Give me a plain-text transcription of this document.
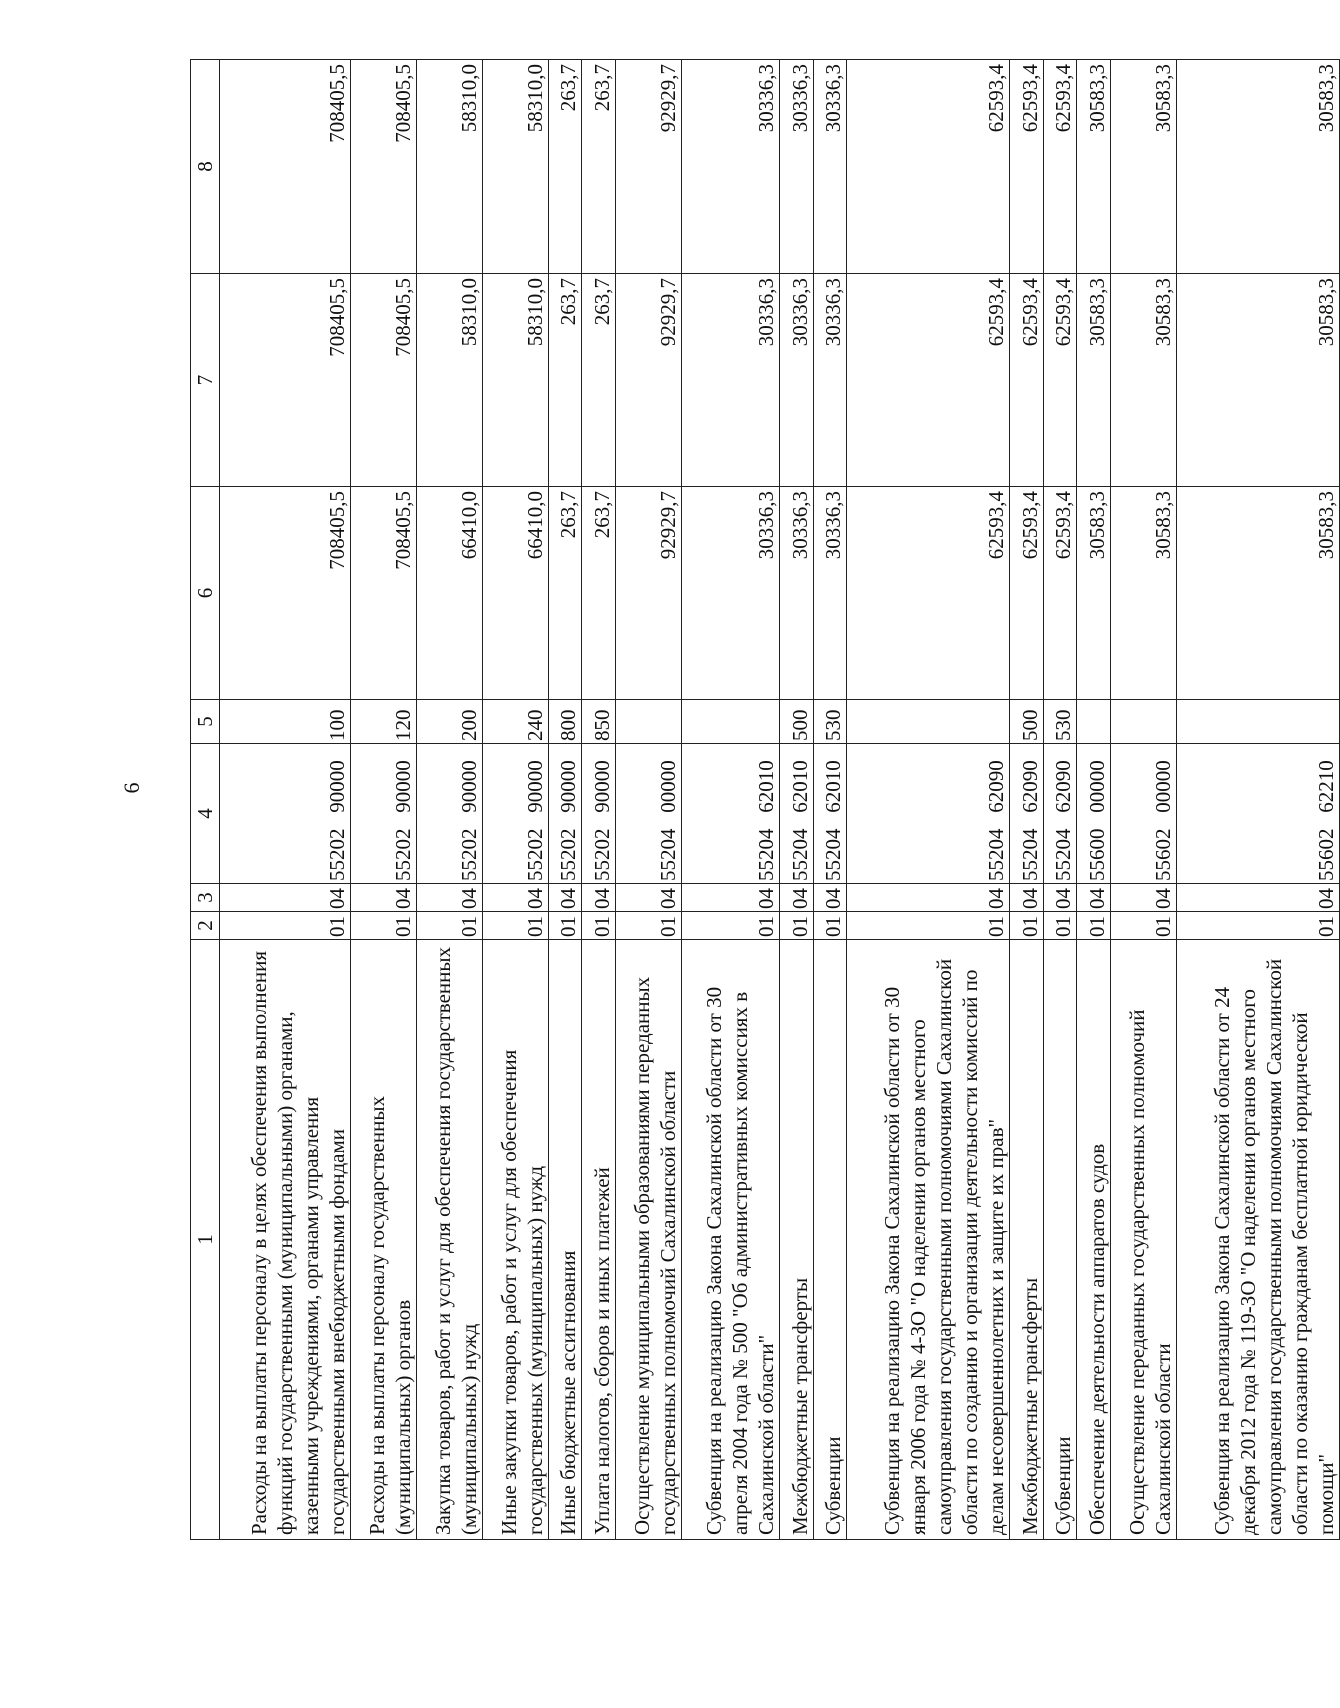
6
1	2	3	4	5	6	7	8
Расходы на выплаты персоналу в целях обеспечения выполнения функций государственными (муниципальными) органами, казенными учреждениями, органами управления государственными внебюджетными фондами	01	04	55202   90000	100	708405,5	708405,5	708405,5
Расходы на выплаты персоналу государственных (муниципальных) органов	01	04	55202   90000	120	708405,5	708405,5	708405,5
Закупка товаров, работ и услуг для обеспечения государственных (муниципальных) нужд	01	04	55202   90000	200	66410,0	58310,0	58310,0
Иные закупки товаров, работ и услуг для обеспечения государственных (муниципальных) нужд	01	04	55202   90000	240	66410,0	58310,0	58310,0
Иные бюджетные ассигнования	01	04	55202   90000	800	263,7	263,7	263,7
Уплата налогов, сборов и иных платежей	01	04	55202   90000	850	263,7	263,7	263,7
Осуществление муниципальными образованиями переданных государственных полномочий Сахалинской области	01	04	55204   00000		92929,7	92929,7	92929,7
Субвенция на реализацию Закона Сахалинской области от 30 апреля 2004 года № 500 "Об административных комиссиях в Сахалинской области"	01	04	55204   62010		30336,3	30336,3	30336,3
Межбюджетные трансферты	01	04	55204   62010	500	30336,3	30336,3	30336,3
Субвенции	01	04	55204   62010	530	30336,3	30336,3	30336,3
Субвенция на реализацию Закона Сахалинской области от 30 января 2006 года № 4-ЗО "О наделении органов местного самоуправления государственными полномочиями Сахалинской области по созданию и организации деятельности комиссий по делам несовершеннолетних и защите их прав"	01	04	55204   62090		62593,4	62593,4	62593,4
Межбюджетные трансферты	01	04	55204   62090	500	62593,4	62593,4	62593,4
Субвенции	01	04	55204   62090	530	62593,4	62593,4	62593,4
Обеспечение деятельности аппаратов судов	01	04	55600   00000		30583,3	30583,3	30583,3
Осуществление переданных государственных полномочий Сахалинской области	01	04	55602   00000		30583,3	30583,3	30583,3
Субвенция на реализацию Закона Сахалинской области от 24 декабря 2012 года № 119-ЗО "О наделении органов местного самоуправления государственными полномочиями Сахалинской области по оказанию гражданам бесплатной юридической помощи"	01	04	55602   62210		30583,3	30583,3	30583,3
